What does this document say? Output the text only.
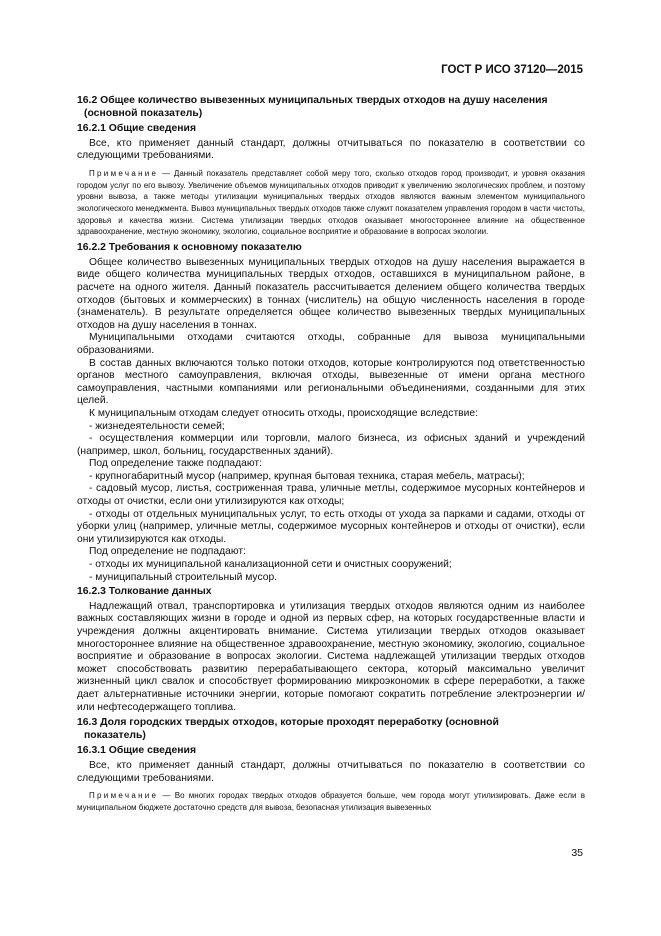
ГОСТ Р ИСО 37120—2015
16.2 Общее количество вывезенных муниципальных твердых отходов на душу населения
(основной показатель)
16.2.1 Общие сведения

Все, кто применяет данный стандарт, должны отчитываться по показателю в соответствии со следующими требованиями.

Примечание — Данный показатель представляет собой меру того, сколько отходов город производит, и уровня оказания городом услуг по его вывозу. Увеличение объемов муниципальных отходов приводит к увеличению экологических проблем, и поэтому уровни вывоза, а также методы утилизации муниципальных твердых отходов являются важным элементом муниципального экологического менеджмента. Вывоз муниципальных твердых отходов также служит показателем управления городом в части чистоты, здоровья и качества жизни. Система утилизации твердых отходов оказывает многостороннее влияние на общественное здравоохранение, местную экономику, экологию, социальное восприятие и образование в вопросах экологии.

16.2.2 Требования к основному показателю

Общее количество вывезенных муниципальных твердых отходов на душу населения выражается в виде общего количества муниципальных твердых отходов, оставшихся в муниципальном районе, в расчете на одного жителя. Данный показатель рассчитывается делением общего количества твердых отходов (бытовых и коммерческих) в тоннах (числитель) на общую численность населения в городе (знаменатель). В результате определяется общее количество вывезенных твердых муниципальных отходов на душу населения в тоннах.

Муниципальными отходами считаются отходы, собранные для вывоза муниципальными образованиями.

В состав данных включаются только потоки отходов, которые контролируются под ответственностью органов местного самоуправления, включая отходы, вывезенные от имени органа местного самоуправления, частными компаниями или региональными объединениями, созданными для этих целей.

К муниципальным отходам следует относить отходы, происходящие вследствие:

- жизнедеятельности семей;

- осуществления коммерции или торговли, малого бизнеса, из офисных зданий и учреждений (например, школ, больниц, государственных зданий).

Под определение также подпадают:

- крупногабаритный мусор (например, крупная бытовая техника, старая мебель, матрасы);

- садовый мусор, листья, состриженная трава, уличные метлы, содержимое мусорных контейнеров и отходы от очистки, если они утилизируются как отходы;

- отходы от отдельных муниципальных услуг, то есть отходы от ухода за парками и садами, отходы от уборки улиц (например, уличные метлы, содержимое мусорных контейнеров и отходы от очистки), если они утилизируются как отходы.

Под определение не подпадают:

- отходы их муниципальной канализационной сети и очистных сооружений;

- муниципальный строительный мусор.

16.2.3 Толкование данных

Надлежащий отвал, транспортировка и утилизация твердых отходов являются одним из наиболее важных составляющих жизни в городе и одной из первых сфер, на которых государственные власти и учреждения должны акцентировать внимание. Система утилизации твердых отходов оказывает многостороннее влияние на общественное здравоохранение, местную экономику, экологию, социальное восприятие и образование в вопросах экологии. Система надлежащей утилизации твердых отходов может способствовать развитию перерабатывающего сектора, который максимально увеличит жизненный цикл свалок и способствует формированию микроэкономик в сфере переработки, а также дает альтернативные источники энергии, которые помогают сократить потребление электроэнергии и/или нефтесодержащего топлива.

16.3 Доля городских твердых отходов, которые проходят переработку (основной
показатель)
16.3.1 Общие сведения

Все, кто применяет данный стандарт, должны отчитываться по показателю в соответствии со следующими требованиями.

Примечание — Во многих городах твердых отходов образуется больше, чем города могут утилизировать. Даже если в муниципальном бюджете достаточно средств для вывоза, безопасная утилизация вывезенных

35
